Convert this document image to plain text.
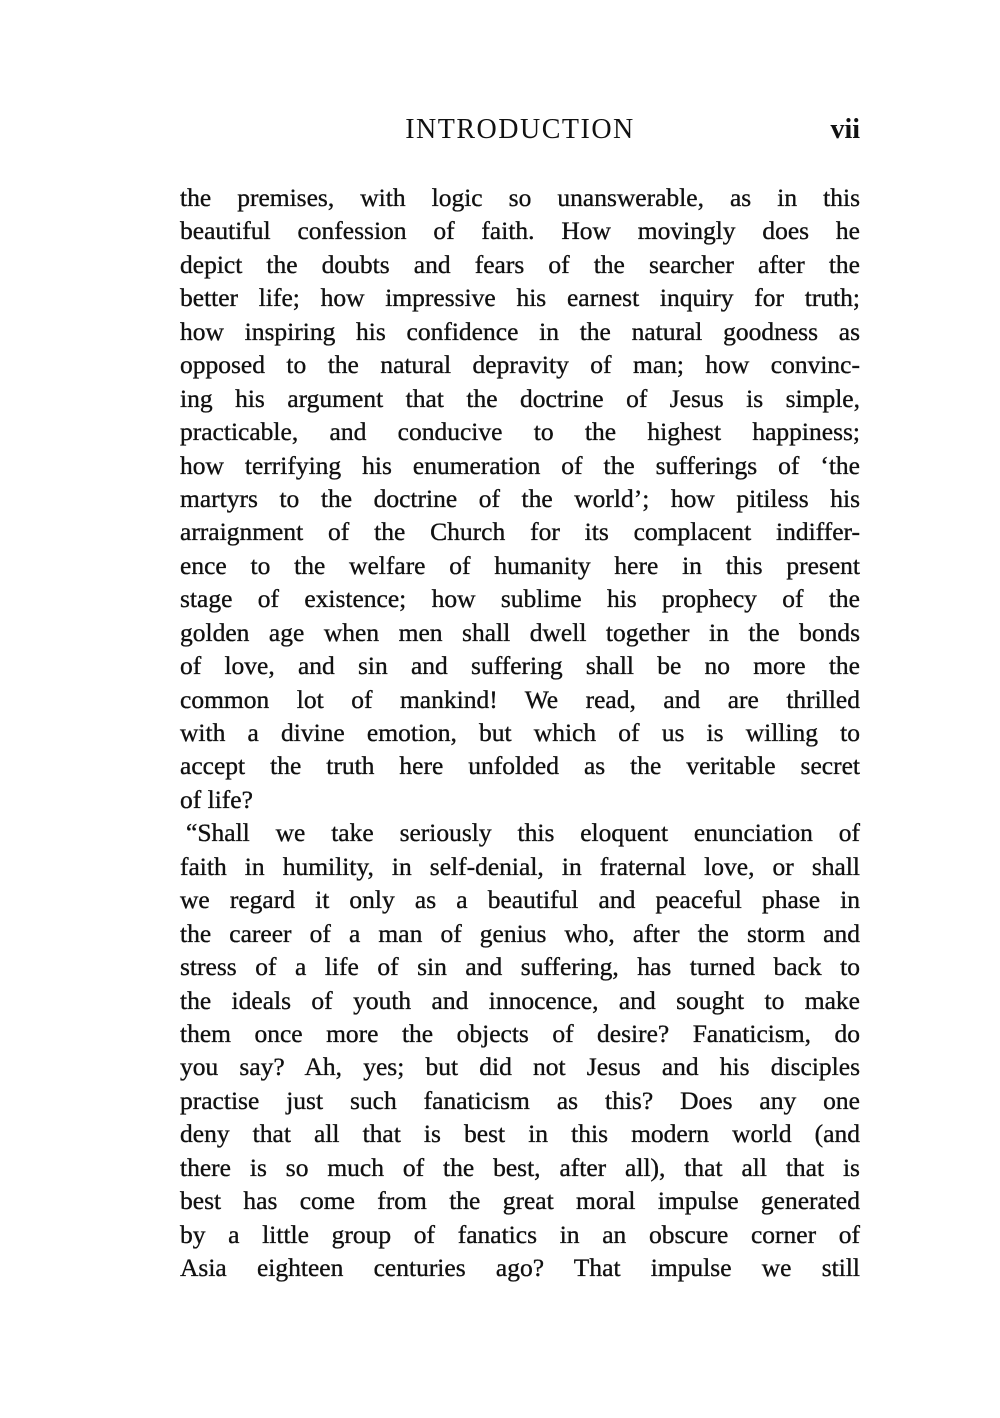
INTRODUCTION	vii
the premises, with logic so unanswerable, as in this
beautiful confession of faith. How movingly does he
depict the doubts and fears of the searcher after the
better life; how impressive his earnest inquiry for truth;
how inspiring his confidence in the natural goodness as
opposed to the natural depravity of man; how convinc-
ing his argument that the doctrine of Jesus is simple,
practicable, and conducive to the highest happiness;
how terrifying his enumeration of the sufferings of ‘the
martyrs to the doctrine of the world’; how pitiless his
arraignment of the Church for its complacent indiffer-
ence to the welfare of humanity here in this present
stage of existence; how sublime his prophecy of the
golden age when men shall dwell together in the bonds
of love, and sin and suffering shall be no more the
common lot of mankind! We read, and are thrilled
with a divine emotion, but which of us is willing to
accept the truth here unfolded as the veritable secret
of life?
“Shall we take seriously this eloquent enunciation of
faith in humility, in self-denial, in fraternal love, or shall
we regard it only as a beautiful and peaceful phase in
the career of a man of genius who, after the storm and
stress of a life of sin and suffering, has turned back to
the ideals of youth and innocence, and sought to make
them once more the objects of desire? Fanaticism, do
you say? Ah, yes; but did not Jesus and his disciples
practise just such fanaticism as this? Does any one
deny that all that is best in this modern world (and
there is so much of the best, after all), that all that is
best has come from the great moral impulse generated
by a little group of fanatics in an obscure corner of
Asia eighteen centuries ago? That impulse we still
